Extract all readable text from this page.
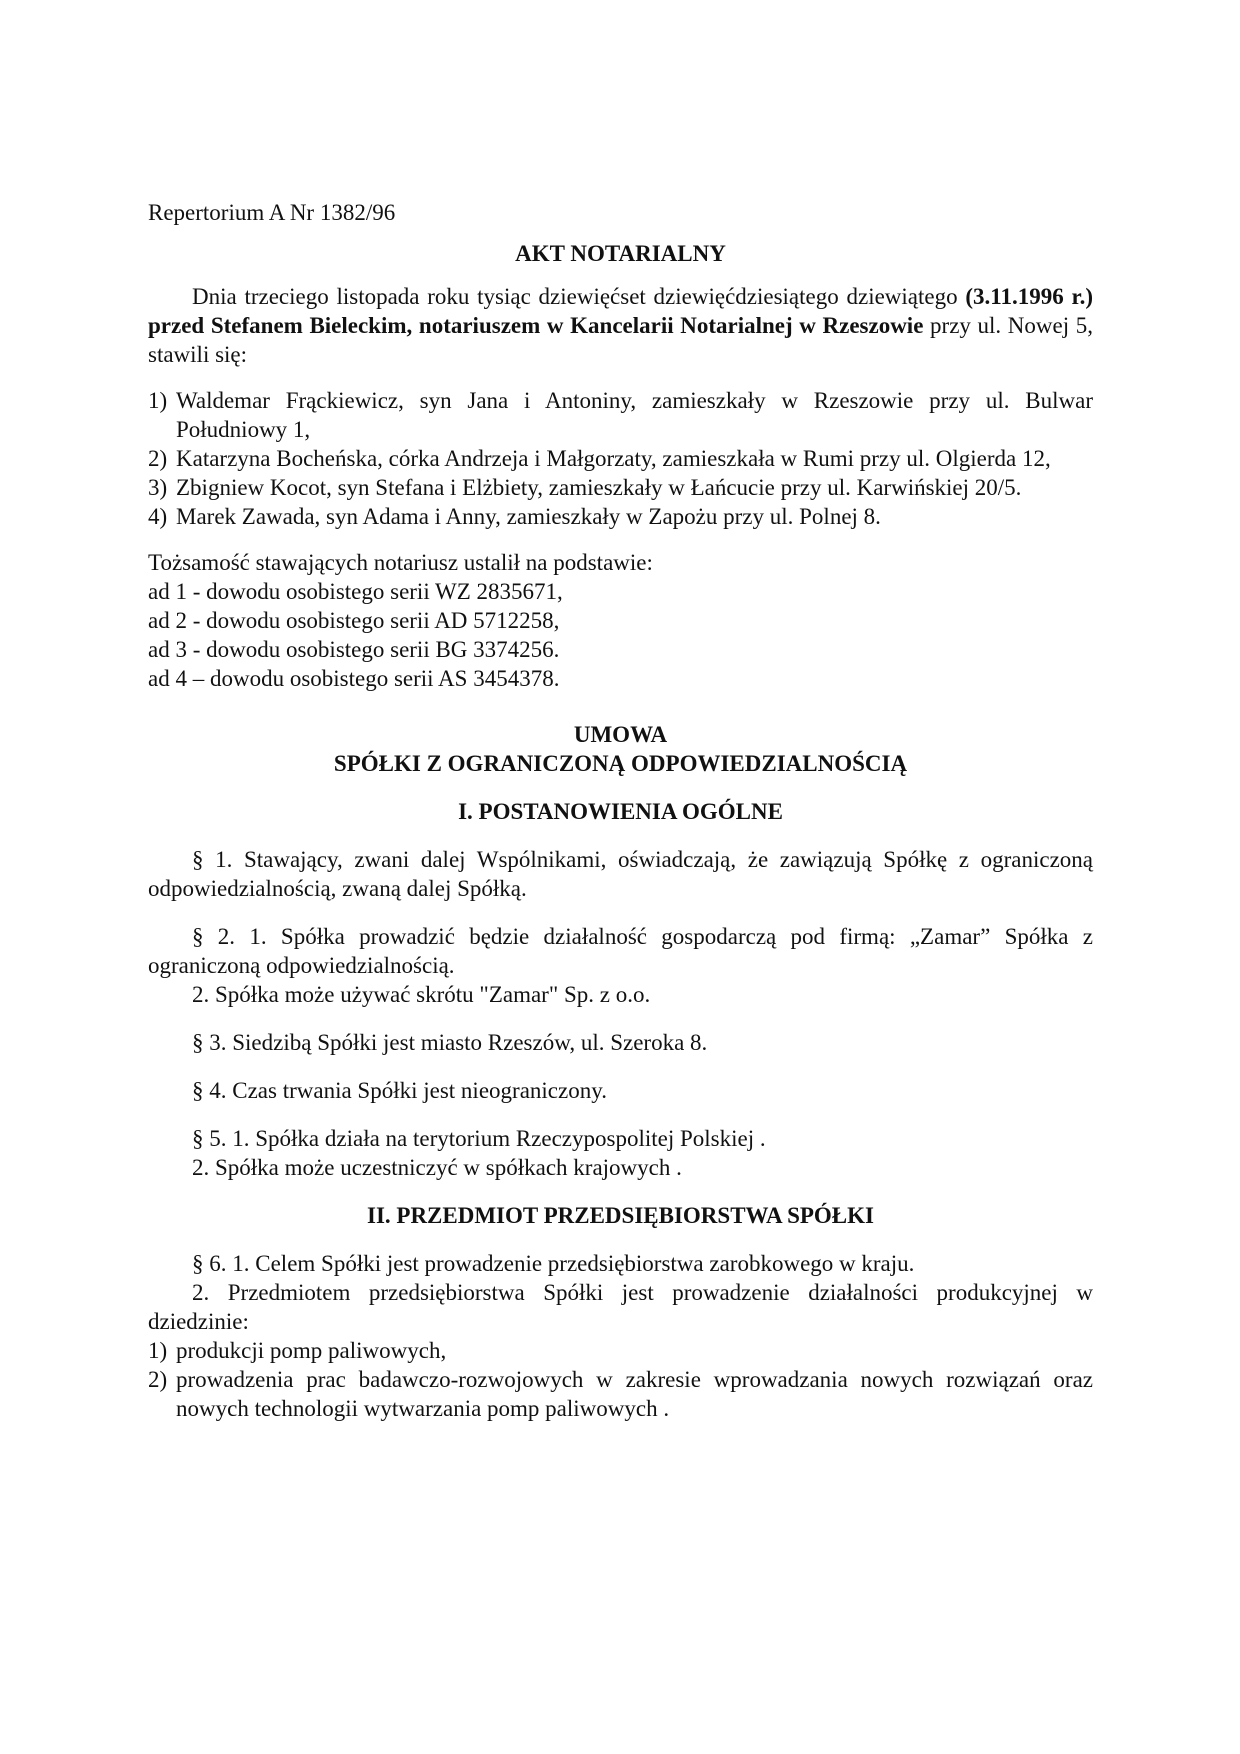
Repertorium A Nr 1382/96

AKT NOTARIALNY

Dnia trzeciego listopada roku tysiąc dziewięćset dziewięćdziesiątego dziewiątego (3.11.1996 r.) przed Stefanem Bieleckim, notariuszem w Kancelarii Notarialnej w Rzeszowie przy ul. Nowej 5, stawili się:

1) Waldemar Frąckiewicz, syn Jana i Antoniny, zamieszkały w Rzeszowie przy ul. Bulwar Południowy 1,
2) Katarzyna Bocheńska, córka Andrzeja i Małgorzaty, zamieszkała w Rumi przy ul. Olgierda 12,
3) Zbigniew Kocot, syn Stefana i Elżbiety, zamieszkały w Łańcucie przy ul. Karwińskiej 20/5.
4) Marek Zawada, syn Adama i Anny, zamieszkały w Zapożu przy ul. Polnej 8.

Tożsamość stawających notariusz ustalił na podstawie:

ad 1 - dowodu osobistego serii WZ 2835671,

ad 2 - dowodu osobistego serii AD 5712258,

ad 3 - dowodu osobistego serii BG 3374256.

ad 4 – dowodu osobistego serii AS 3454378.

UMOWA

SPÓŁKI Z OGRANICZONĄ ODPOWIEDZIALNOŚCIĄ

I. POSTANOWIENIA OGÓLNE

§ 1. Stawający, zwani dalej Wspólnikami, oświadczają, że zawiązują Spółkę z ograniczoną odpowiedzialnością, zwaną dalej Spółką.

§ 2. 1. Spółka prowadzić będzie działalność gospodarczą pod firmą: „Zamar” Spółka z ograniczoną odpowiedzialnością.

2. Spółka może używać skrótu "Zamar" Sp. z o.o.

§ 3. Siedzibą Spółki jest miasto Rzeszów, ul. Szeroka 8.

§ 4. Czas trwania Spółki jest nieograniczony.

§ 5. 1. Spółka działa na terytorium Rzeczypospolitej Polskiej .

2. Spółka może uczestniczyć w spółkach krajowych .

II. PRZEDMIOT PRZEDSIĘBIORSTWA SPÓŁKI

§ 6. 1. Celem Spółki jest prowadzenie przedsiębiorstwa zarobkowego w kraju.

2. Przedmiotem przedsiębiorstwa Spółki jest prowadzenie działalności produkcyjnej w dziedzinie:

1) produkcji pomp paliwowych,
2) prowadzenia prac badawczo-rozwojowych w zakresie wprowadzania nowych rozwiązań oraz nowych technologii wytwarzania pomp paliwowych .
